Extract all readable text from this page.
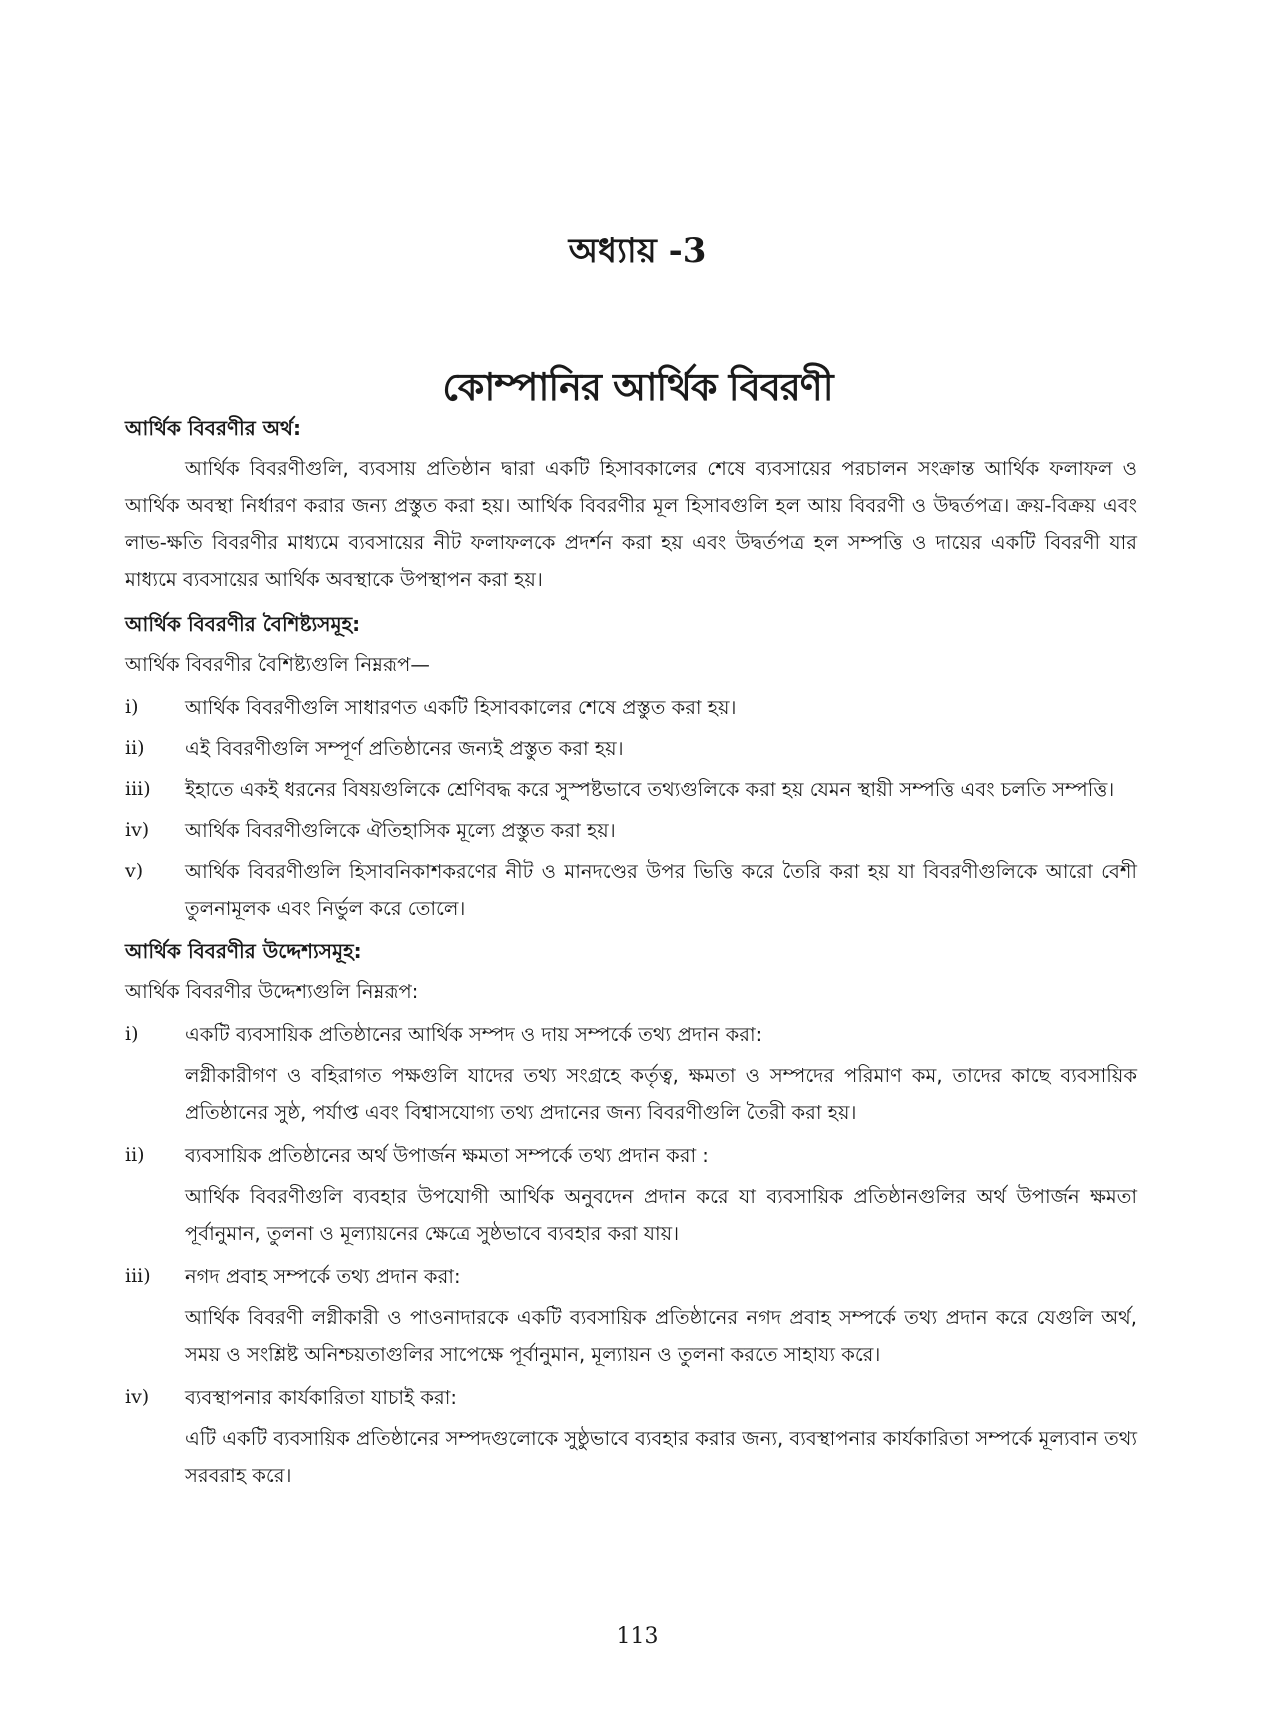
অধ্যায় -3
কোম্পানির আর্থিক বিবরণী
আর্থিক বিবরণীর অর্থ:

আর্থিক বিবরণীগুলি, ব্যবসায় প্রতিষ্ঠান দ্বারা একটি হিসাবকালের শেষে ব্যবসায়ের পরচালন সংক্রান্ত আর্থিক ফলাফল ও আর্থিক অবস্থা নির্ধারণ করার জন্য প্রস্তুত করা হয়। আর্থিক বিবরণীর মূল হিসাবগুলি হল আয় বিবরণী ও উদ্বর্তপত্র। ক্রয়-বিক্রয় এবং লাভ-ক্ষতি বিবরণীর মাধ্যমে ব্যবসায়ের নীট ফলাফলকে প্রদর্শন করা হয় এবং উদ্বর্তপত্র হল সম্পত্তি ও দায়ের একটি বিবরণী যার মাধ্যমে ব্যবসায়ের আর্থিক অবস্থাকে উপস্থাপন করা হয়।

আর্থিক বিবরণীর বৈশিষ্ট্যসমূহ:

আর্থিক বিবরণীর বৈশিষ্ট্যগুলি নিম্নরূপ—

i)	আর্থিক বিবরণীগুলি সাধারণত একটি হিসাবকালের শেষে প্রস্তুত করা হয়।
ii)	এই বিবরণীগুলি সম্পূর্ণ প্রতিষ্ঠানের জন্যই প্রস্তুত করা হয়।
iii)	ইহাতে একই ধরনের বিষয়গুলিকে শ্রেণিবদ্ধ করে সুস্পষ্টভাবে তথ্যগুলিকে করা হয় যেমন স্থায়ী সম্পত্তি এবং চলতি সম্পত্তি।
iv)	আর্থিক বিবরণীগুলিকে ঐতিহাসিক মূল্যে প্রস্তুত করা হয়।
v)	আর্থিক বিবরণীগুলি হিসাবনিকাশকরণের নীট ও মানদণ্ডের উপর ভিত্তি করে তৈরি করা হয় যা বিবরণীগুলিকে আরো বেশী তুলনামূলক এবং নির্ভুল করে তোলে।
আর্থিক বিবরণীর উদ্দেশ্যসমূহ:

আর্থিক বিবরণীর উদ্দেশ্যগুলি নিম্নরূপ:

i)	একটি ব্যবসায়িক প্রতিষ্ঠানের আর্থিক সম্পদ ও দায় সম্পর্কে তথ্য প্রদান করা:

লগ্নীকারীগণ ও বহিরাগত পক্ষগুলি যাদের তথ্য সংগ্রহে কর্তৃত্ব, ক্ষমতা ও সম্পদের পরিমাণ কম, তাদের কাছে ব্যবসায়িক প্রতিষ্ঠানের সুষ্ঠ, পর্যাপ্ত এবং বিশ্বাসযোগ্য তথ্য প্রদানের জন্য বিবরণীগুলি তৈরী করা হয়।

ii)	ব্যবসায়িক প্রতিষ্ঠানের অর্থ উপার্জন ক্ষমতা সম্পর্কে তথ্য প্রদান করা :

আর্থিক বিবরণীগুলি ব্যবহার উপযোগী আর্থিক অনুবদেন প্রদান করে যা ব্যবসায়িক প্রতিষ্ঠানগুলির অর্থ উপার্জন ক্ষমতা পূর্বানুমান, তুলনা ও মূল্যায়নের ক্ষেত্রে সুষ্ঠভাবে ব্যবহার করা যায়।

iii)	নগদ প্রবাহ সম্পর্কে তথ্য প্রদান করা:

আর্থিক বিবরণী লগ্নীকারী ও পাওনাদারকে একটি ব্যবসায়িক প্রতিষ্ঠানের নগদ প্রবাহ সম্পর্কে তথ্য প্রদান করে যেগুলি অর্থ, সময় ও সংশ্লিষ্ট অনিশ্চয়তাগুলির সাপেক্ষে পূর্বানুমান, মূল্যায়ন ও তুলনা করতে সাহায্য করে।

iv)	ব্যবস্থাপনার কার্যকারিতা যাচাই করা:

এটি একটি ব্যবসায়িক প্রতিষ্ঠানের সম্পদগুলোকে সুষ্ঠুভাবে ব্যবহার করার জন্য, ব্যবস্থাপনার কার্যকারিতা সম্পর্কে মূল্যবান তথ্য সরবরাহ করে।

113
